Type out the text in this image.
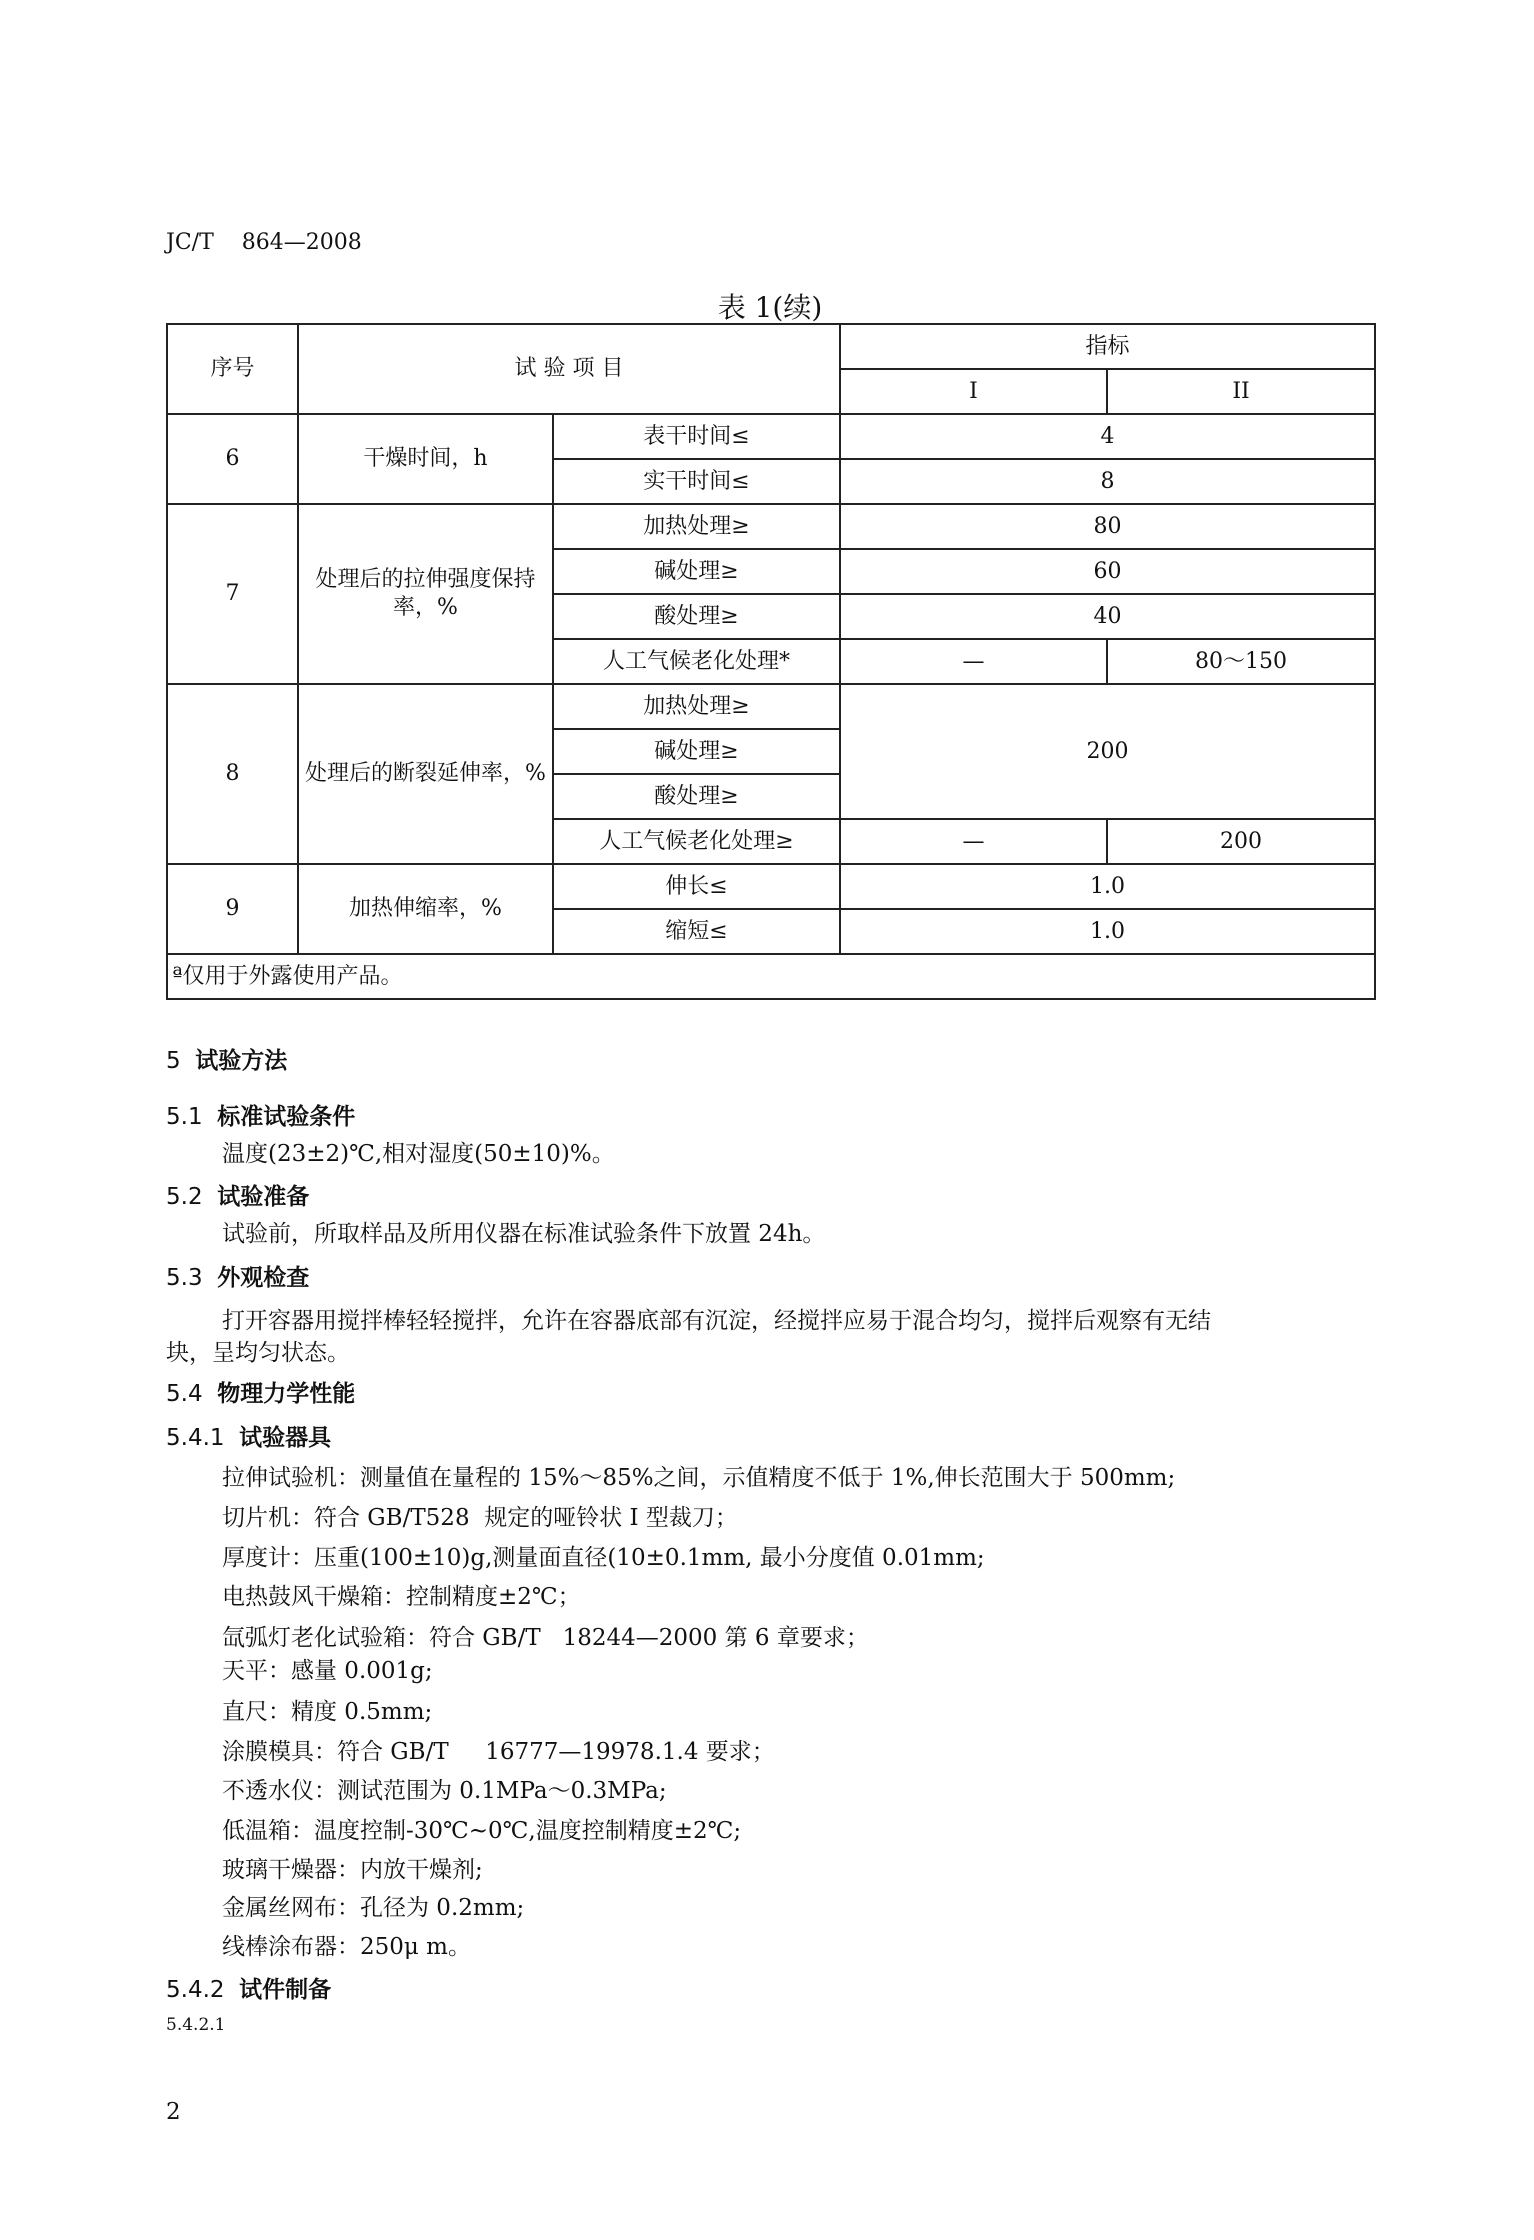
JC/T    864—2008
表 1(续)
序号	试 验 项 目		指标	
			I	II
6	干燥时间，h	表干时间≤	4	
		实干时间≤	8	
7	处理后的拉伸强度保持率，%	加热处理≥	80	
		碱处理≥	60	
		酸处理≥	40	
		人工气候老化处理*	—	80～150
8	处理后的断裂延伸率，%	加热处理≥	200	
		碱处理≥		
		酸处理≥		
		人工气候老化处理≥	—	200
9	加热伸缩率，%	伸长≤	1.0	
		缩短≤	1.0	
ª仅用于外露使用产品。				
5 试验方法
5.1 标准试验条件
温度(23±2)℃,相对湿度(50±10)%。
5.2 试验准备
试验前，所取样品及所用仪器在标准试验条件下放置 24h。
5.3 外观检查
打开容器用搅拌棒轻轻搅拌，允许在容器底部有沉淀，经搅拌应易于混合均匀，搅拌后观察有无结
块，呈均匀状态。
5.4 物理力学性能
5.4.1 试验器具
拉伸试验机：测量值在量程的 15%～85%之间，示值精度不低于 1%,伸长范围大于 500mm;
切片机：符合 GB/T528  规定的哑铃状 I 型裁刀；
厚度计：压重(100±10)g,测量面直径(10±0.1mm, 最小分度值 0.01mm;
电热鼓风干燥箱：控制精度±2℃；
氙弧灯老化试验箱：符合 GB/T   18244—2000 第 6 章要求；
天平：感量 0.001g;
直尺：精度 0.5mm;
涂膜模具：符合 GB/T     16777—19978.1.4 要求；
不透水仪：测试范围为 0.1MPa～0.3MPa;
低温箱：温度控制-30℃~0℃,温度控制精度±2℃;
玻璃干燥器：内放干燥剂;
金属丝网布：孔径为 0.2mm;
线棒涂布器：250μ m。
5.4.2 试件制备
5.4.2.1
2
